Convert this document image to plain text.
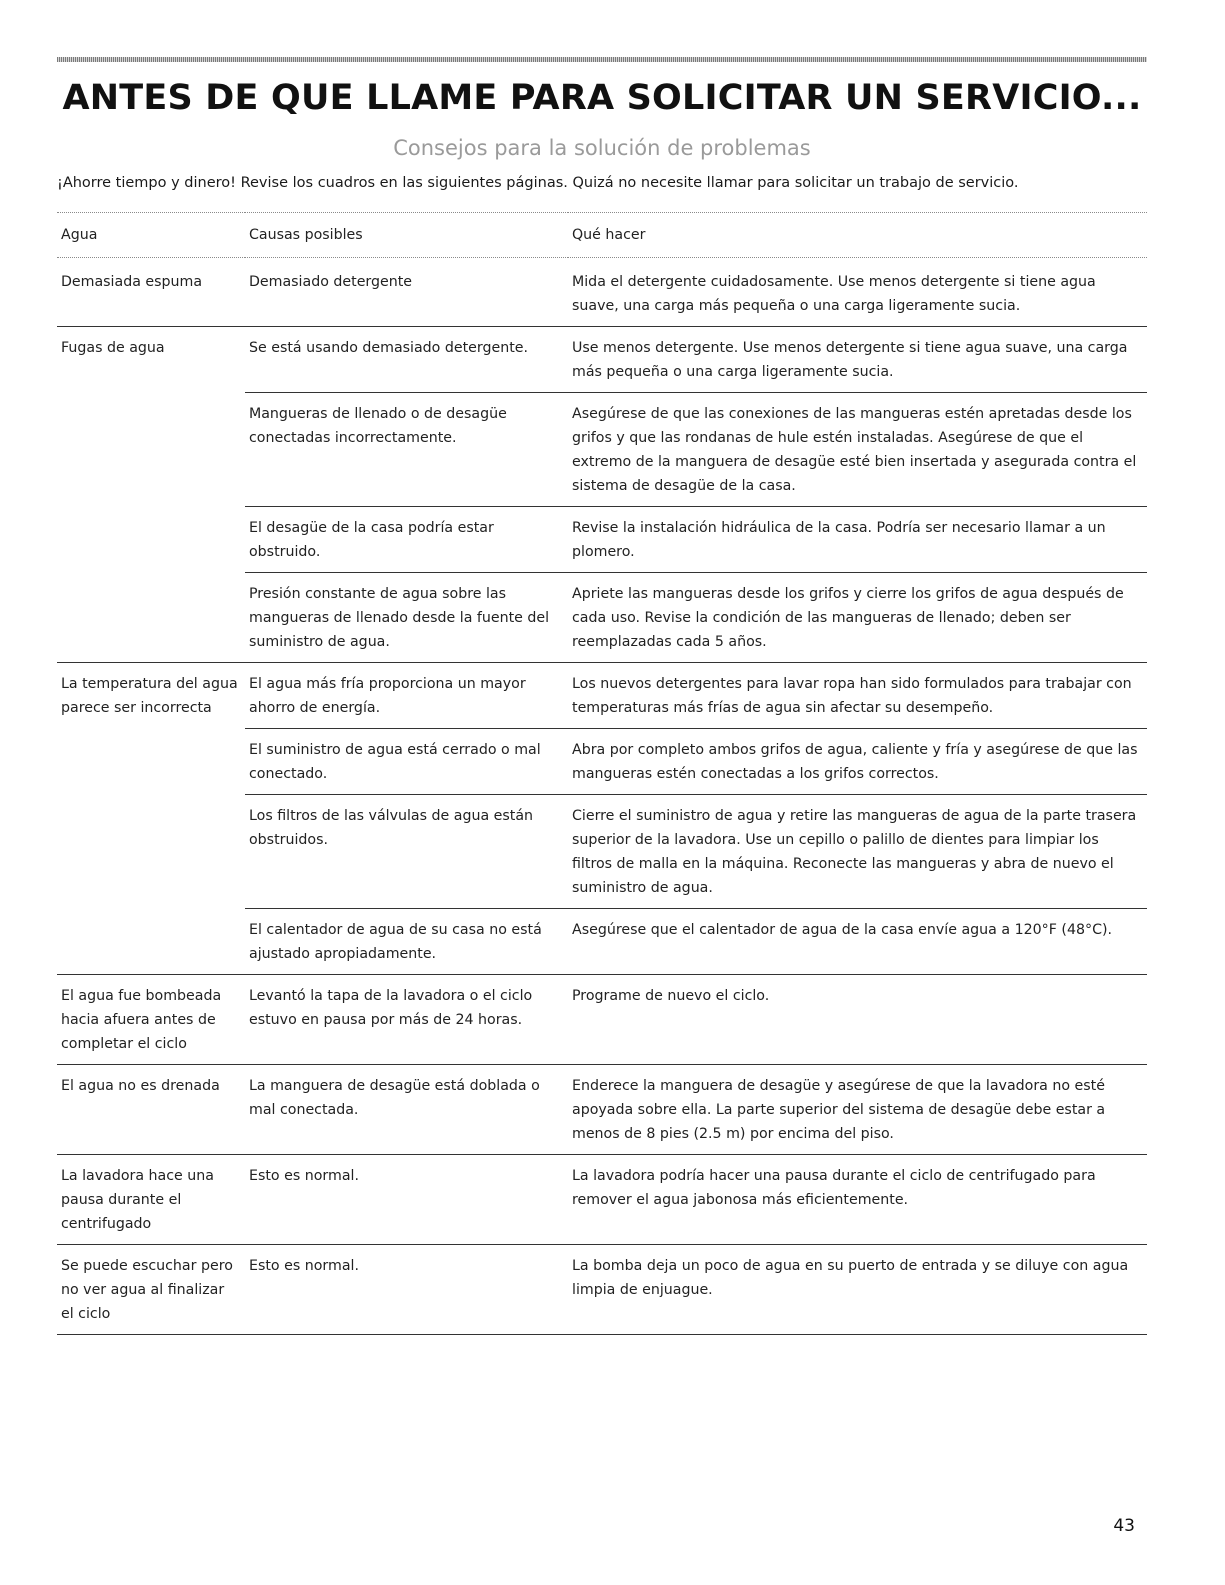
ANTES DE QUE LLAME PARA SOLICITAR UN SERVICIO...
Consejos para la solución de problemas
¡Ahorre tiempo y dinero! Revise los cuadros en las siguientes páginas. Quizá no necesite llamar para solicitar un trabajo de servicio.
Agua	Causas posibles	Qué hacer
Demasiada espuma	Demasiado detergente	Mida el detergente cuidadosamente. Use menos detergente si tiene agua suave, una carga más pequeña o una carga ligeramente sucia.
Fugas de agua	Se está usando demasiado detergente.	Use menos detergente. Use menos detergente si tiene agua suave, una carga más pequeña o una carga ligeramente sucia.
	Mangueras de llenado o de desagüe conectadas incorrectamente.	Asegúrese de que las conexiones de las mangueras estén apretadas desde los grifos y que las rondanas de hule estén instaladas. Asegúrese de que el extremo de la manguera de desagüe esté bien insertada y asegurada contra el sistema de desagüe de la casa.
	El desagüe de la casa podría estar obstruido.	Revise la instalación hidráulica de la casa. Podría ser necesario llamar a un plomero.
	Presión constante de agua sobre las mangueras de llenado desde la fuente del suministro de agua.	Apriete las mangueras desde los grifos y cierre los grifos de agua después de cada uso. Revise la condición de las mangueras de llenado; deben ser reemplazadas cada 5 años.
La temperatura del agua parece ser incorrecta	El agua más fría proporciona un mayor ahorro de energía.	Los nuevos detergentes para lavar ropa han sido formulados para trabajar con temperaturas más frías de agua sin afectar su desempeño.
	El suministro de agua está cerrado o mal conectado.	Abra por completo ambos grifos de agua, caliente y fría y asegúrese de que las mangueras estén conectadas a los grifos correctos.
	Los filtros de las válvulas de agua están obstruidos.	Cierre el suministro de agua y retire las mangueras de agua de la parte trasera superior de la lavadora. Use un cepillo o palillo de dientes para limpiar los filtros de malla en la máquina. Reconecte las mangueras y abra de nuevo el suministro de agua.
	El calentador de agua de su casa no está ajustado apropiadamente.	Asegúrese que el calentador de agua de la casa envíe agua a 120°F (48°C).
El agua fue bombeada hacia afuera antes de completar el ciclo	Levantó la tapa de la lavadora o el ciclo estuvo en pausa por más de 24 horas.	Programe de nuevo el ciclo.
El agua no es drenada	La manguera de desagüe está doblada o mal conectada.	Enderece la manguera de desagüe y asegúrese de que la lavadora no esté apoyada sobre ella. La parte superior del sistema de desagüe debe estar a menos de 8 pies (2.5 m) por encima del piso.
La lavadora hace una pausa durante el centrifugado	Esto es normal.	La lavadora podría hacer una pausa durante el ciclo de centrifugado para remover el agua jabonosa más eficientemente.
Se puede escuchar pero no ver agua al finalizar el ciclo	Esto es normal.	La bomba deja un poco de agua en su puerto de entrada y se diluye con agua limpia de enjuague.
43
